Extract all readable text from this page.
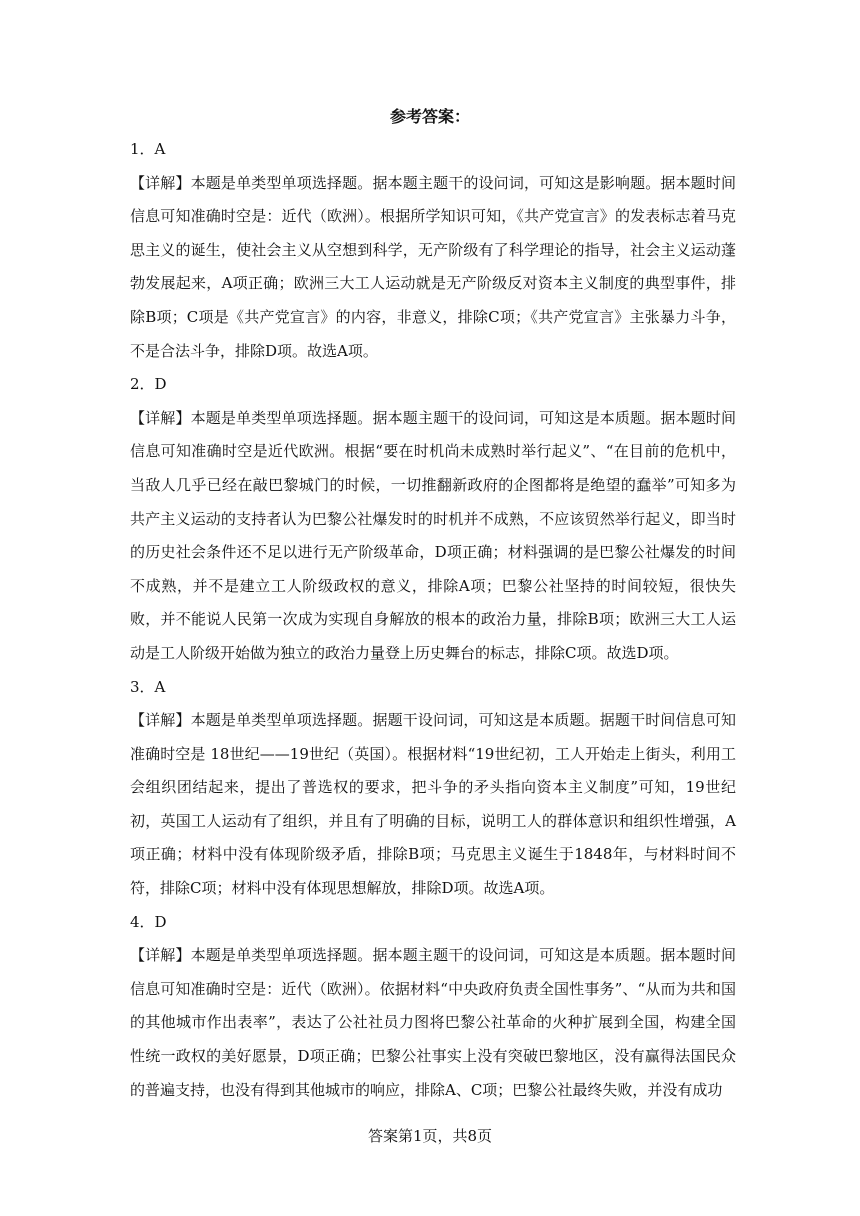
参考答案：

1．A

【详解】本题是单类型单项选择题。据本题主题干的设问词，可知这是影响题。据本题时间信息可知准确时空是：近代（欧洲）。根据所学知识可知，《共产党宣言》的发表标志着马克思主义的诞生，使社会主义从空想到科学，无产阶级有了科学理论的指导，社会主义运动蓬勃发展起来，A项正确；欧洲三大工人运动就是无产阶级反对资本主义制度的典型事件，排除B项；C项是《共产党宣言》的内容，非意义，排除C项；《共产党宣言》主张暴力斗争，不是合法斗争，排除D项。故选A项。

2．D

【详解】本题是单类型单项选择题。据本题主题干的设问词，可知这是本质题。据本题时间信息可知准确时空是近代欧洲。根据“要在时机尚未成熟时举行起义”、“在目前的危机中，当敌人几乎已经在敲巴黎城门的时候，一切推翻新政府的企图都将是绝望的蠢举”可知多为共产主义运动的支持者认为巴黎公社爆发时的时机并不成熟，不应该贸然举行起义，即当时的历史社会条件还不足以进行无产阶级革命，D项正确；材料强调的是巴黎公社爆发的时间不成熟，并不是建立工人阶级政权的意义，排除A项；巴黎公社坚持的时间较短，很快失败，并不能说人民第一次成为实现自身解放的根本的政治力量，排除B项；欧洲三大工人运动是工人阶级开始做为独立的政治力量登上历史舞台的标志，排除C项。故选D项。

3．A

【详解】本题是单类型单项选择题。据题干设问词，可知这是本质题。据题干时间信息可知准确时空是 18世纪——19世纪（英国）。根据材料“19世纪初，工人开始走上街头，利用工会组织团结起来，提出了普选权的要求，把斗争的矛头指向资本主义制度”可知，19世纪初，英国工人运动有了组织，并且有了明确的目标，说明工人的群体意识和组织性增强，A项正确；材料中没有体现阶级矛盾，排除B项；马克思主义诞生于1848年，与材料时间不符，排除C项；材料中没有体现思想解放，排除D项。故选A项。

4．D

【详解】本题是单类型单项选择题。据本题主题干的设问词，可知这是本质题。据本题时间信息可知准确时空是：近代（欧洲）。依据材料“中央政府负责全国性事务”、“从而为共和国的其他城市作出表率”，表达了公社社员力图将巴黎公社革命的火种扩展到全国，构建全国性统一政权的美好愿景，D项正确；巴黎公社事实上没有突破巴黎地区，没有赢得法国民众的普遍支持，也没有得到其他城市的响应，排除A、C项；巴黎公社最终失败，并没有成功

答案第1页，共8页
